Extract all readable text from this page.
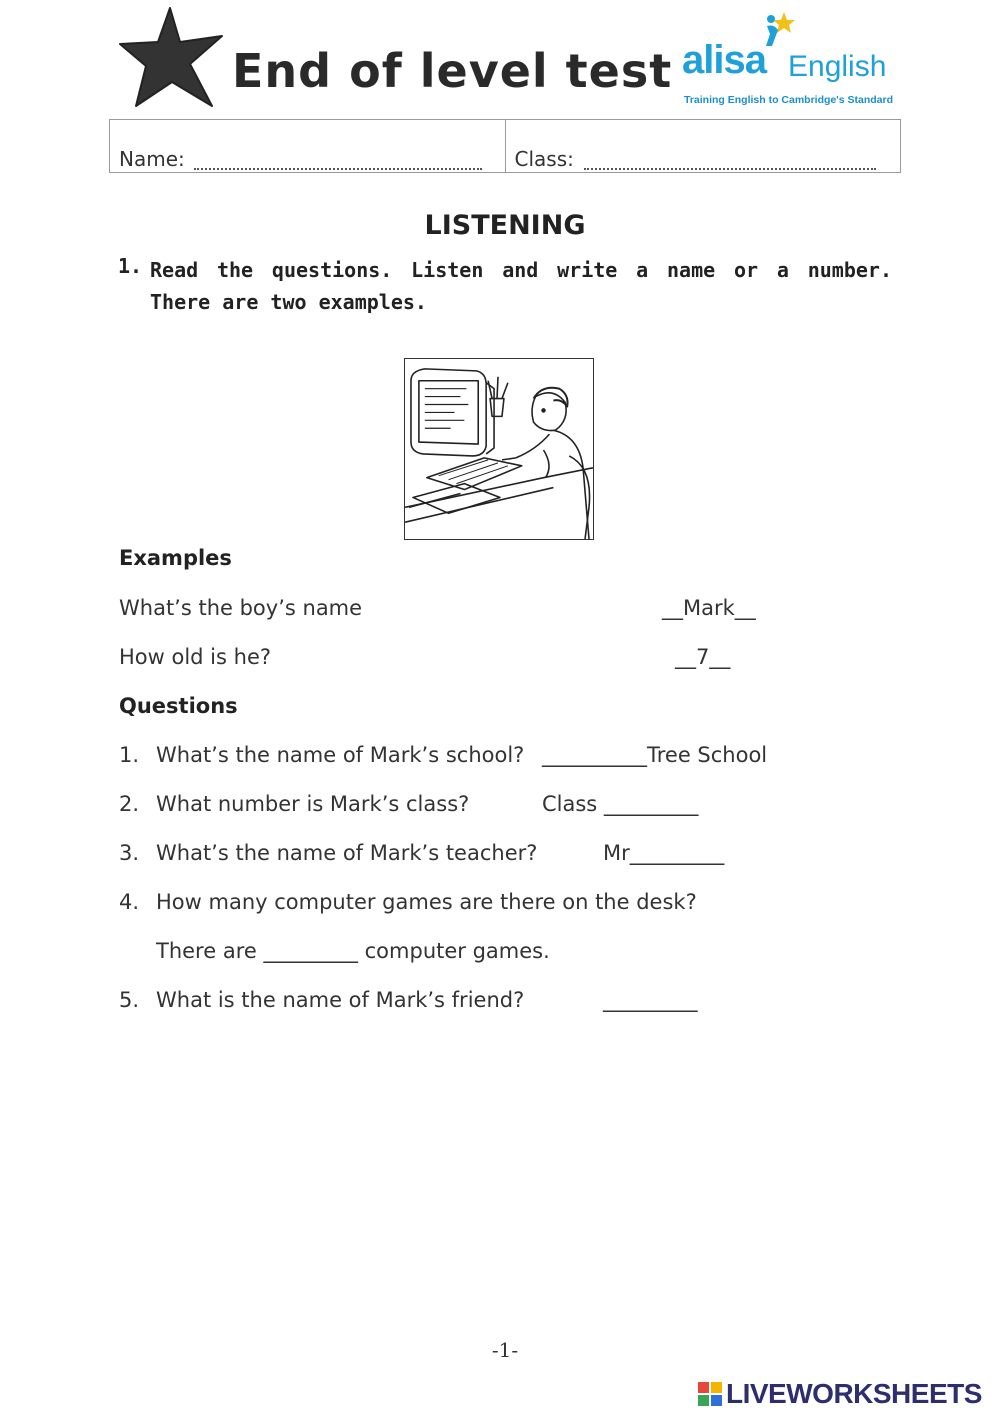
End of level test alisa English
Training English to Cambridge's Standard
Name:	Class:
LISTENING
1. Read the questions. Listen and write a name or a number. There are two examples.
Examples
What’s the boy’s name	__Mark__
How old is he?	__7__
Questions
1. What’s the name of Mark’s school? __________Tree School
2. What number is Mark’s class?	Class _________
3. What’s the name of Mark’s teacher?	Mr_________
4. How many computer games are there on the desk?
There are _________ computer games.
5. What is the name of Mark’s friend?	_________
-1-
LIVEWORKSHEETS
